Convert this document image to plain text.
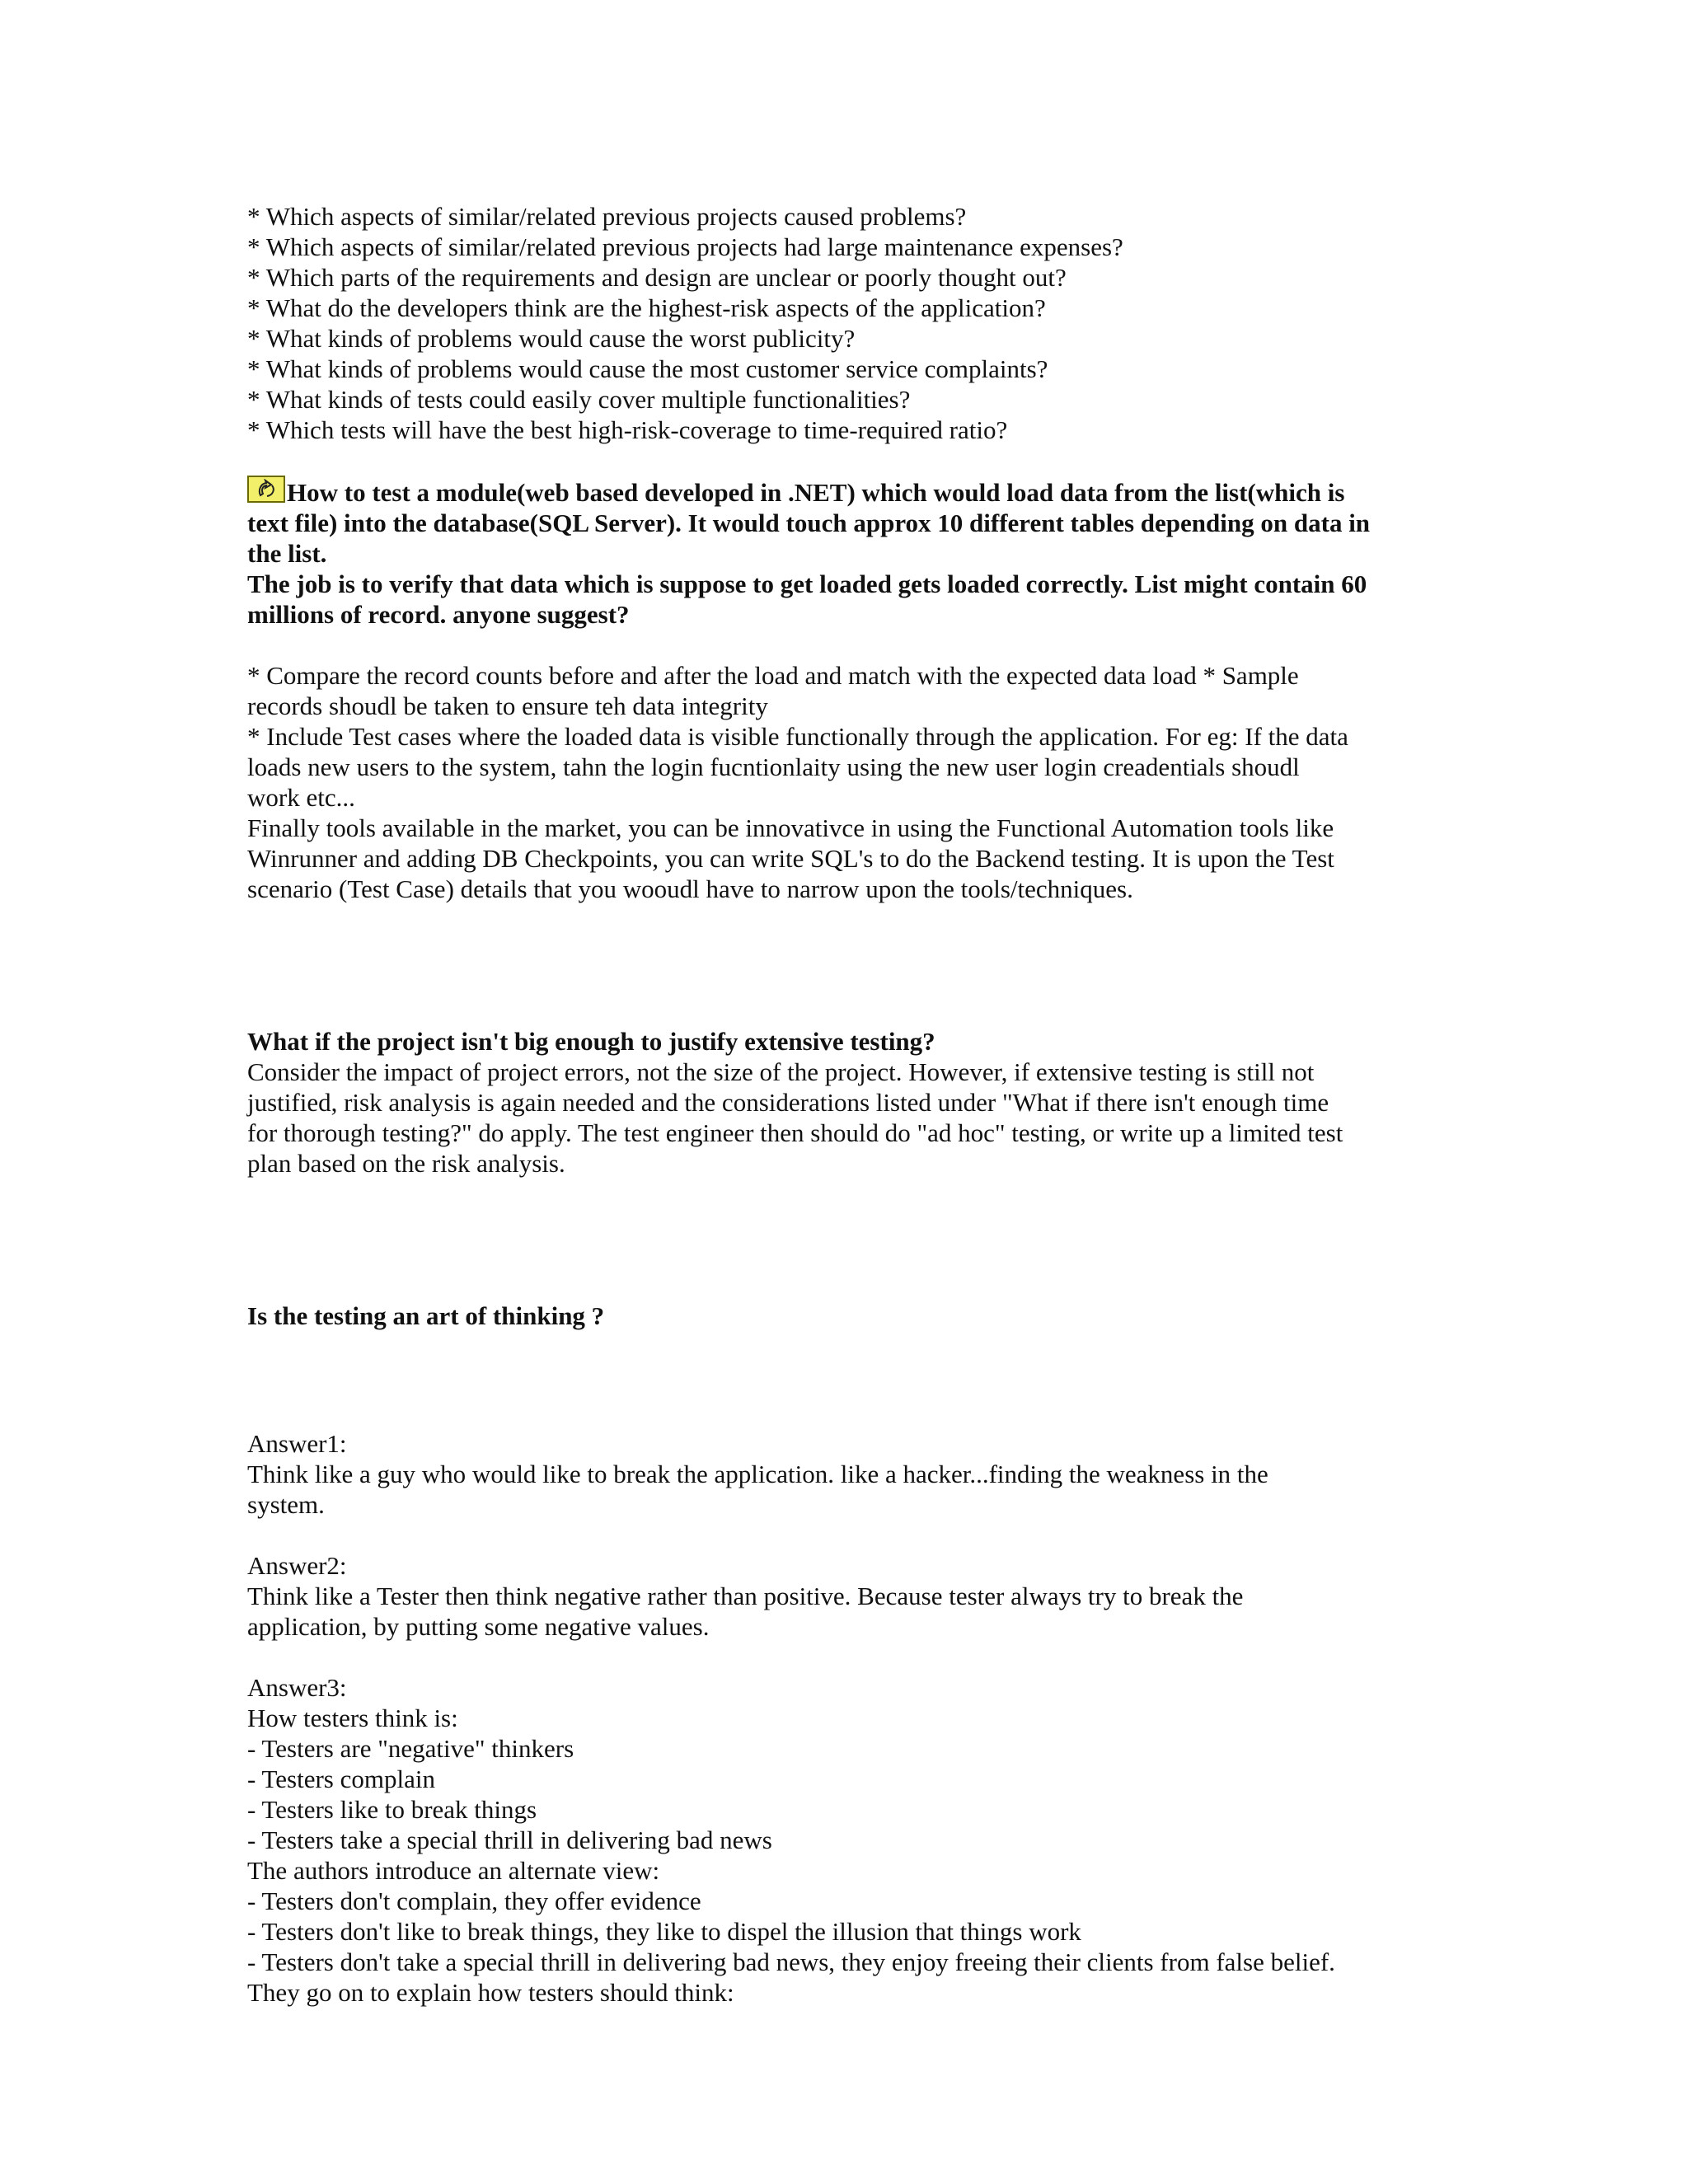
* Which aspects of similar/related previous projects caused problems?
* Which aspects of similar/related previous projects had large maintenance expenses?
* Which parts of the requirements and design are unclear or poorly thought out?
* What do the developers think are the highest-risk aspects of the application?
* What kinds of problems would cause the worst publicity?
* What kinds of problems would cause the most customer service complaints?
* What kinds of tests could easily cover multiple functionalities?
* Which tests will have the best high-risk-coverage to time-required ratio?
How to test a module(web based developed in .NET) which would load data from the list(which is
text file) into the database(SQL Server). It would touch approx 10 different tables depending on data in
the list.
The job is to verify that data which is suppose to get loaded gets loaded correctly. List might contain 60
millions of record. anyone suggest?
* Compare the record counts before and after the load and match with the expected data load * Sample
records shoudl be taken to ensure teh data integrity
* Include Test cases where the loaded data is visible functionally through the application. For eg: If the data
loads new users to the system, tahn the login fucntionlaity using the new user login creadentials shoudl
work etc...
Finally tools available in the market, you can be innovativce in using the Functional Automation tools like
Winrunner and adding DB Checkpoints, you can write SQL's to do the Backend testing. It is upon the Test
scenario (Test Case) details that you wooudl have to narrow upon the tools/techniques.
What if the project isn't big enough to justify extensive testing?
Consider the impact of project errors, not the size of the project. However, if extensive testing is still not
justified, risk analysis is again needed and the considerations listed under "What if there isn't enough time
for thorough testing?" do apply. The test engineer then should do "ad hoc" testing, or write up a limited test
plan based on the risk analysis.
Is the testing an art of thinking ?
Answer1:
Think like a guy who would like to break the application. like a hacker...finding the weakness in the
system.
Answer2:
Think like a Tester then think negative rather than positive. Because tester always try to break the
application, by putting some negative values.
Answer3:
How testers think is:
- Testers are "negative" thinkers
- Testers complain
- Testers like to break things
- Testers take a special thrill in delivering bad news
The authors introduce an alternate view:
- Testers don't complain, they offer evidence
- Testers don't like to break things, they like to dispel the illusion that things work
- Testers don't take a special thrill in delivering bad news, they enjoy freeing their clients from false belief.
They go on to explain how testers should think:
